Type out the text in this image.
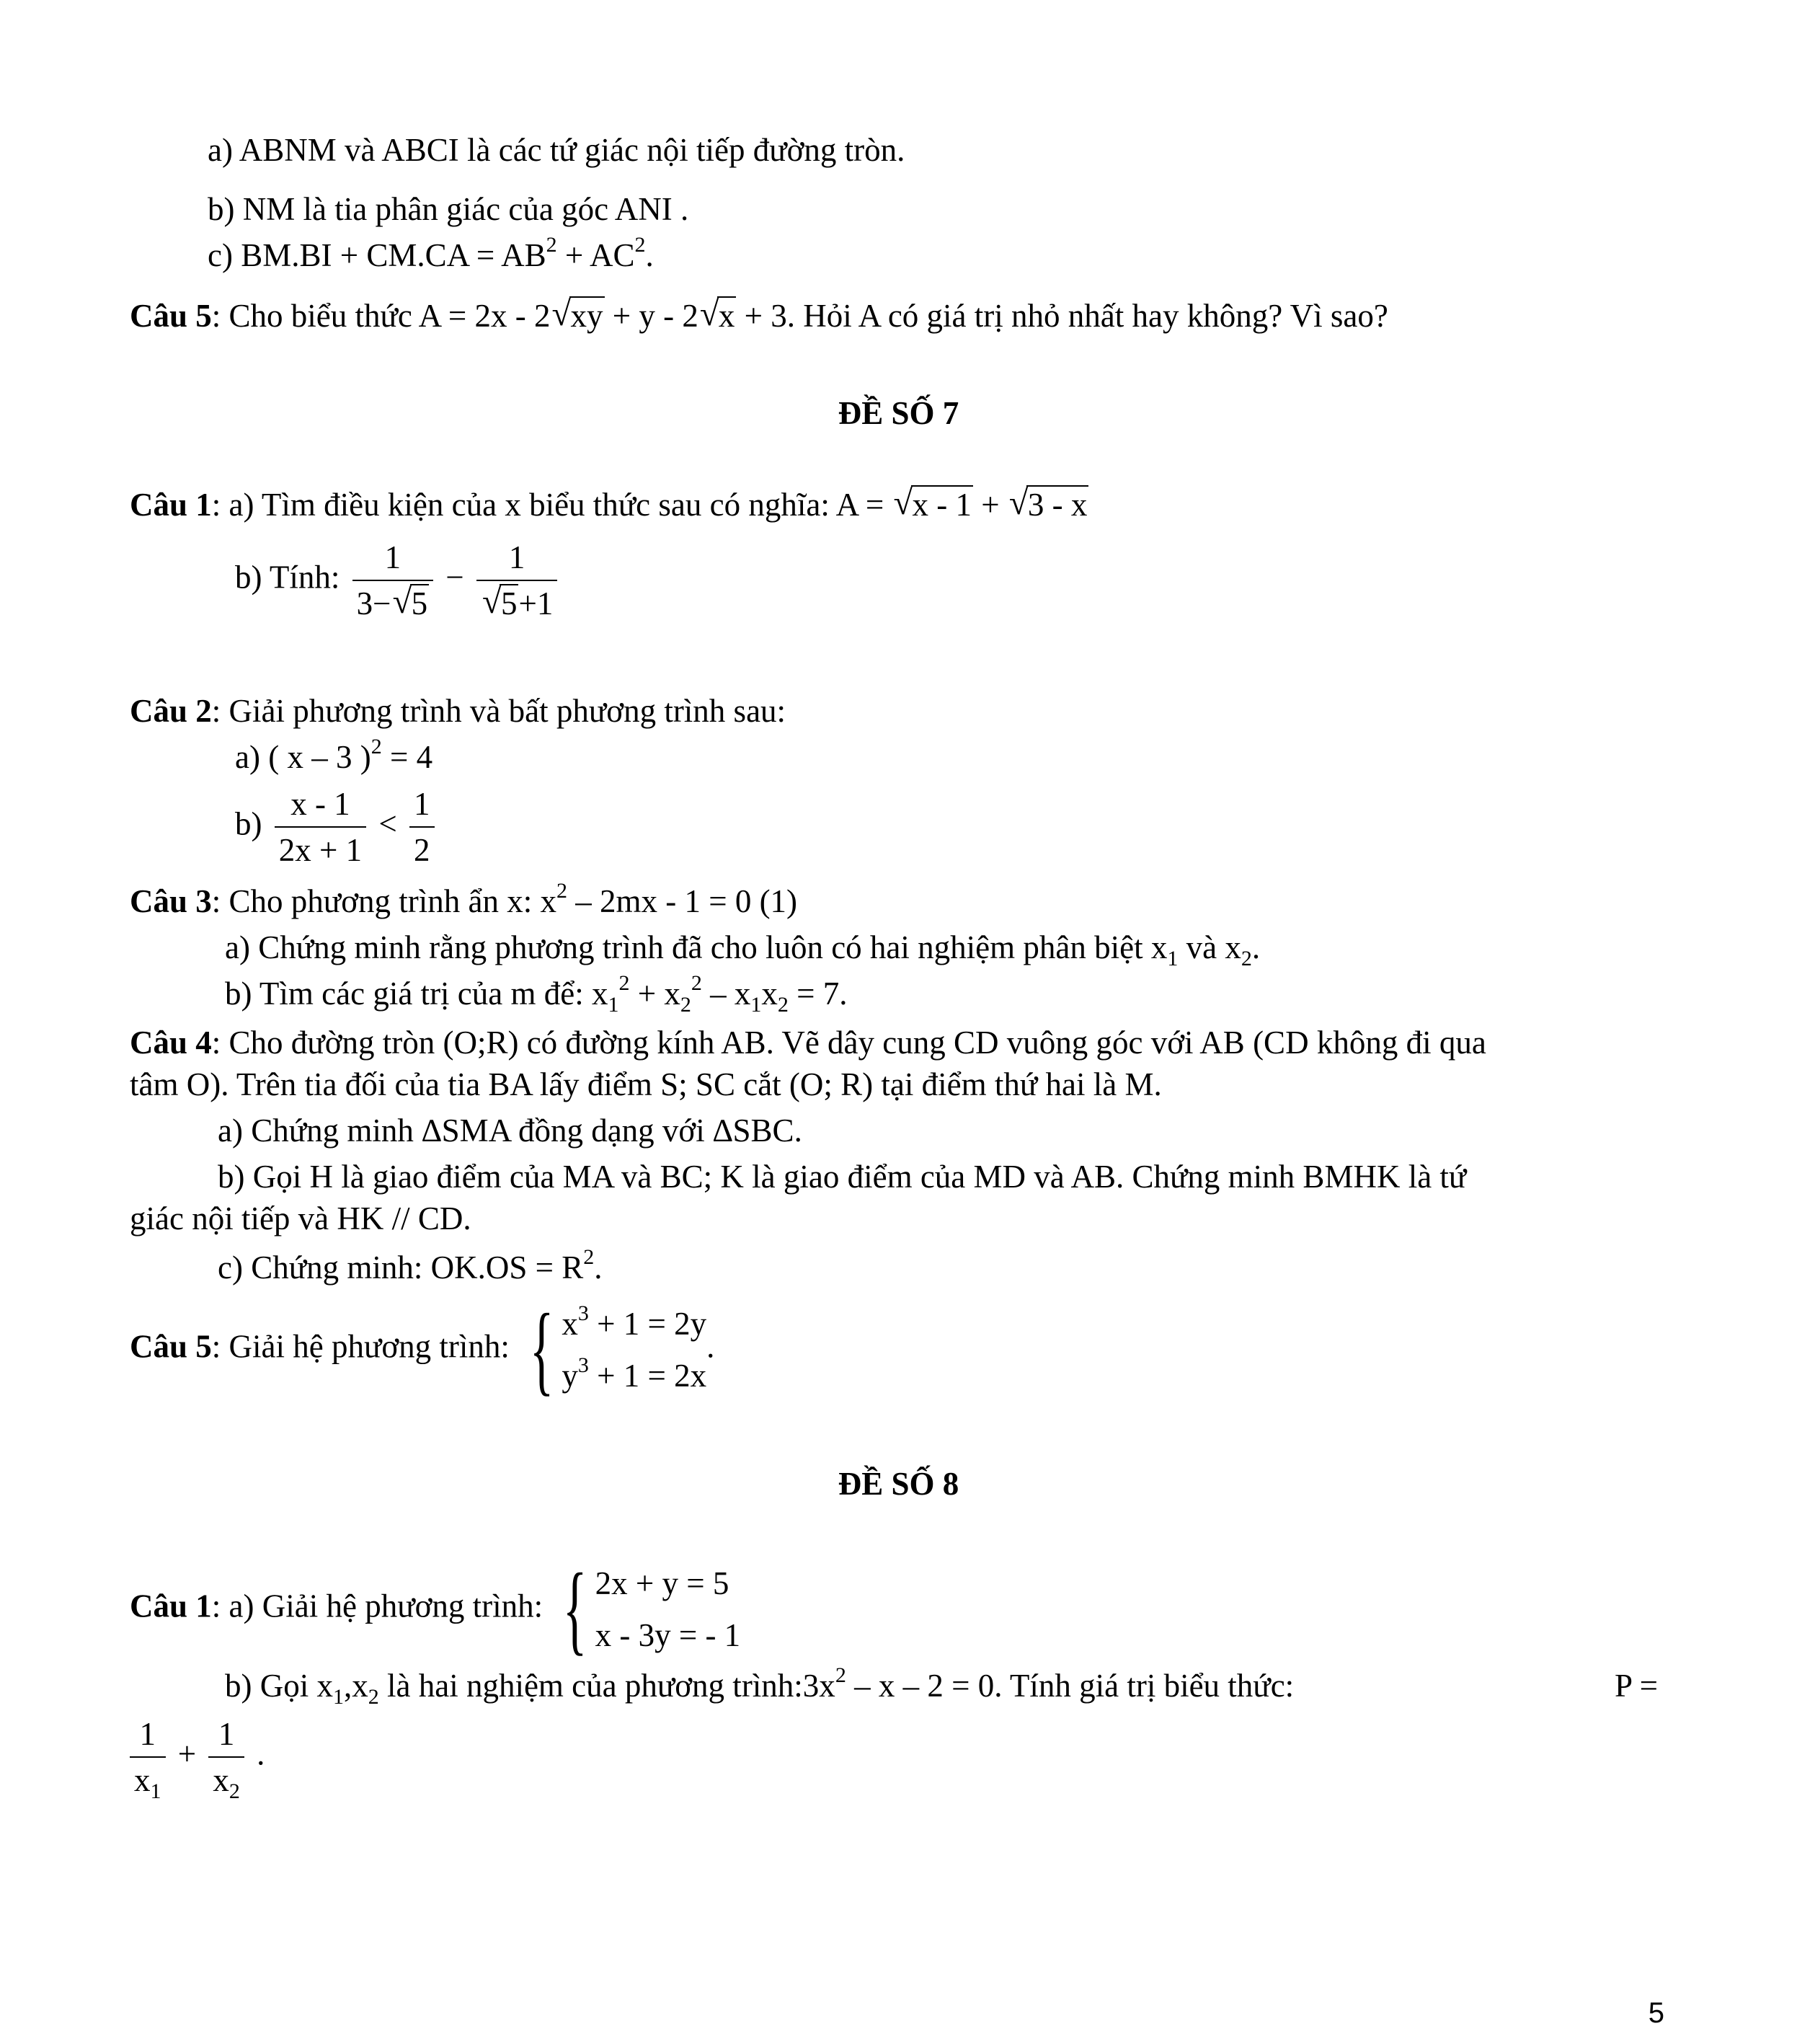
a) ABNM và ABCI là các tứ giác nội tiếp đường tròn.
b) NM là tia phân giác của góc ANI .
c) $BM.BI + CM.CA = AB^2 + AC^2$.
Câu 5: Cho biểu thức A = 2x - 2 √ xy + y - 2 √ x + 3. Hỏi A có giá trị nhỏ nhất hay không? Vì sao?
ĐỀ SỐ 7
Câu 1: a) Tìm điều kiện của x biểu thức sau có nghĩa: A = √ x - 1 + √ 3 - x
b) Tính: $\frac{1}{3- √ 5} - 1$
√ 5+1
Câu 2: Giải phương trình và bất phương trình sau:
a) ( x – 3 )$^2$ = 4
$b) \frac{x - 1}{2x + 1} < \frac{1}{2}$
Câu 3: Cho phương trình ẩn x: $x^2 - 2mx - 1 = 0$ (1)
a) Chứng minh rằng phương trình đã cho luôn có hai nghiệm phân biệt $x_1$ và $x_2$.
b) Tìm các giá trị của m để: $x_1^2 + x_2^2 - x_1x_2 = 7$.
Câu 4: Cho đường tròn (O;R) có đường kính AB. Vẽ dây cung CD vuông góc với AB (CD không đi qua
tâm O). Trên tia đối của tia BA lấy điểm S; SC cắt (O; R) tại điểm thứ hai là M.
a) Chứng minh ∆SMA đồng dạng với ∆SBC.
b) Gọi H là giao điểm của MA và BC; K là giao điểm của MD và AB. Chứng minh BMHK là tứ
giác nội tiếp và HK // CD.
c) Chứng minh: $OK.OS = R^2$.
Câu 5: Giải hệ phương trình: { $x^3 + 1 = 2y$
$y^3 + 1 = 2x$
.
ĐỀ SỐ 8
Câu 1: a) Giải hệ phương trình: { 2x + y = 5
x - 3y = - 1
b) Gọi $x_1,x_2$ là hai nghiệm của phương $trình:3x^2 - x - 2 = 0$. Tính giá trị biểu thức:	P =
$\frac{1}{x_1} + \frac{1}{x_2}$ .
5
